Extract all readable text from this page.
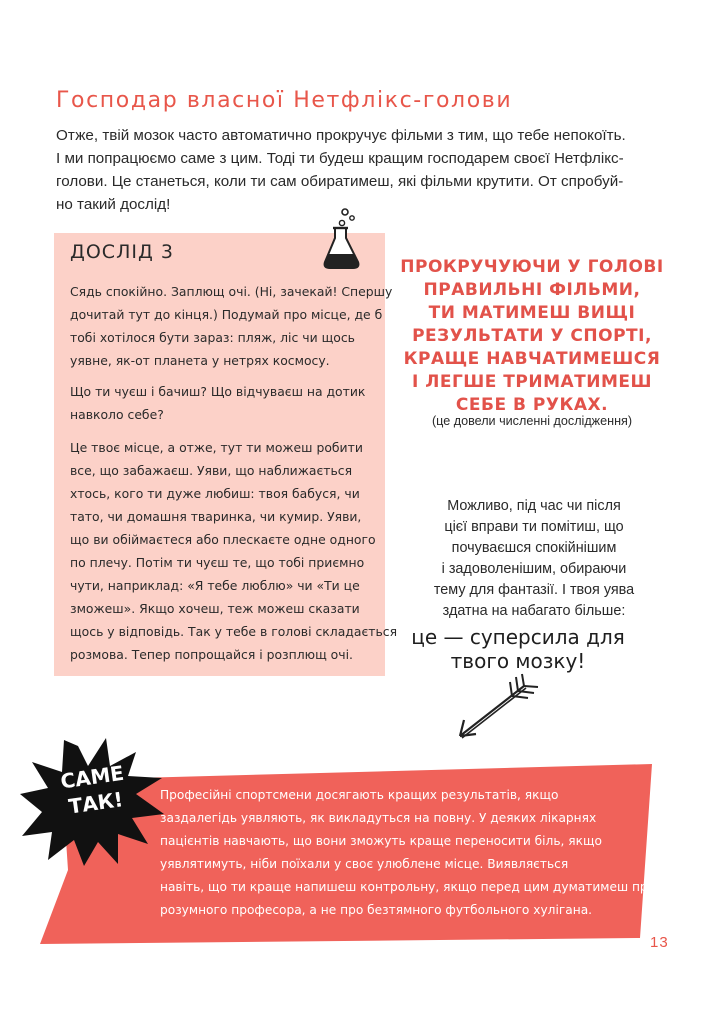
Господар власної Нетфлікс-голови

Отже, твій мозок часто автоматично прокручує фільми з тим, що тебе непокоїть.

І ми попрацюємо саме з цим. Тоді ти будеш кращим господарем своєї Нетфлікс-

голови. Це станеться, коли ти сам обиратимеш, які фільми крутити. От спробуй-

но такий дослід!

ДОСЛІД 3

Сядь спокійно. Заплющ очі. (Ні, зачекай! Спершу

дочитай тут до кінця.) Подумай про місце, де б

тобі хотілося бути зараз: пляж, ліс чи щось

уявне, як-от планета у нетрях космосу.

Що ти чуєш і бачиш? Що відчуваєш на дотик

навколо себе?

Це твоє місце, а отже, тут ти можеш робити

все, що забажаєш. Уяви, що наближається

хтось, кого ти дуже любиш: твоя бабуся, чи

тато, чи домашня тваринка, чи кумир. Уяви,

що ви обіймаєтеся або плескаєте одне одного

по плечу. Потім ти чуєш те, що тобі приємно

чути, наприклад: «Я тебе люблю» чи «Ти це

зможеш». Якщо хочеш, теж можеш сказати

щось у відповідь. Так у тебе в голові складається

розмова. Тепер попрощайся і розплющ очі.

ПРОКРУЧУЮЧИ У ГОЛОВІ

ПРАВИЛЬНІ ФІЛЬМИ,

ТИ МАТИМЕШ ВИЩІ

РЕЗУЛЬТАТИ У СПОРТІ,

КРАЩЕ НАВЧАТИМЕШСЯ

І ЛЕГШЕ ТРИМАТИМЕШ

СЕБЕ В РУКАХ.

(це довели численні дослідження)

Можливо, під час чи після

цієї вправи ти помітиш, що

почуваєшся спокійнішим

і задоволенішим, обираючи

тему для фантазії. І твоя уява

здатна на набагато більше:

це — суперсила для

твого мозку!

САМЕ

ТАК!	Професійні спортсмени досягають кращих результатів, якщо

заздалегідь уявляють, як викладуться на повну. У деяких лікарнях

пацієнтів навчають, що вони зможуть краще переносити біль, якщо

уявлятимуть, ніби поїхали у своє улюблене місце. Виявляється

навіть, що ти краще напишеш контрольну, якщо перед цим думатимеш про

розумного професора, а не про безтямного футбольного хулігана.

13
